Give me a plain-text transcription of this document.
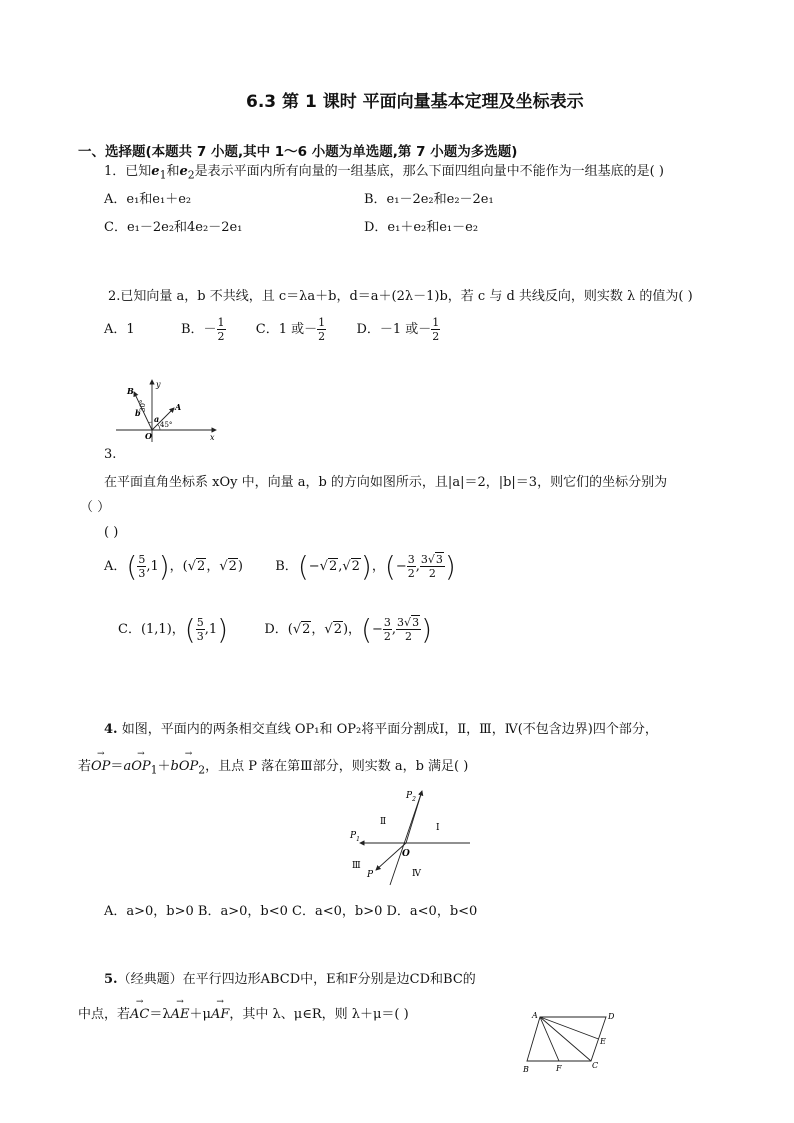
6.3 第 1 课时 平面向量基本定理及坐标表示
一、选择题(本题共 7 小题,其中 1～6 小题为单选题,第 7 小题为多选题)
1．已知$e_1$和$e_2$是表示平面内所有向量的一组基底，那么下面四组向量中不能作为一组基底的是( )
A．e₁和e₁＋e₂	B．e₁－2e₂和e₂－2e₁
C．e₁－2e₂和4e₂－2e₁	D．e₁＋e₂和e₁－e₂
2.已知向量 a，b 不共线，且 c＝λa＋b，d＝a＋(2λ－1)b，若 c 与 d 共线反向，则实数 λ 的值为( )
A．1	B．－ $\frac{1}{2}$ C．1 或－ $\frac{1}{2}$ D．－1 或－ $\frac{1}{2}$
y
x
B
A
b
a
O
30°
45°
3.
在平面直角坐标系 xOy 中，向量 a，b 的方向如图所示，且|a|＝2，|b|＝3，则它们的坐标分别为
（ ）
( )
A．( $\frac{5}{3} ,1$)，(√2，√2) B．(−√2,√2)，(− $\frac{3}{2}$ , $\frac{3√3}{2}$ )
C．(1,1)，( $\frac{5}{3} ,1$)	D．(√2，√2)，(− $\frac{3}{2}$ , $\frac{3√3}{2}$ )
4. 如图，平面内的两条相交直线 OP₁和 OP₂将平面分割成Ⅰ，Ⅱ，Ⅲ，Ⅳ(不包含边界)四个部分，
若→ $OP=a\to OP_1+b\to OP_2$，且点 P 落在第Ⅲ部分，则实数 a，b 满足( )
$P_2$
$P_1$
Ⅱ
Ⅰ
Ⅲ
Ⅳ
O
P
A．a>0，b>0 B．a>0，b<0 C．a<0，b>0 D．a<0，b<0
5.（经典题）在平行四边形ABCD中，E和F分别是边CD和BC的
中点，若→ AC＝λ→ AE＋μ→ AF，其中 λ、μ∈R，则 λ＋μ＝( )	A	D
E
C
B	F
